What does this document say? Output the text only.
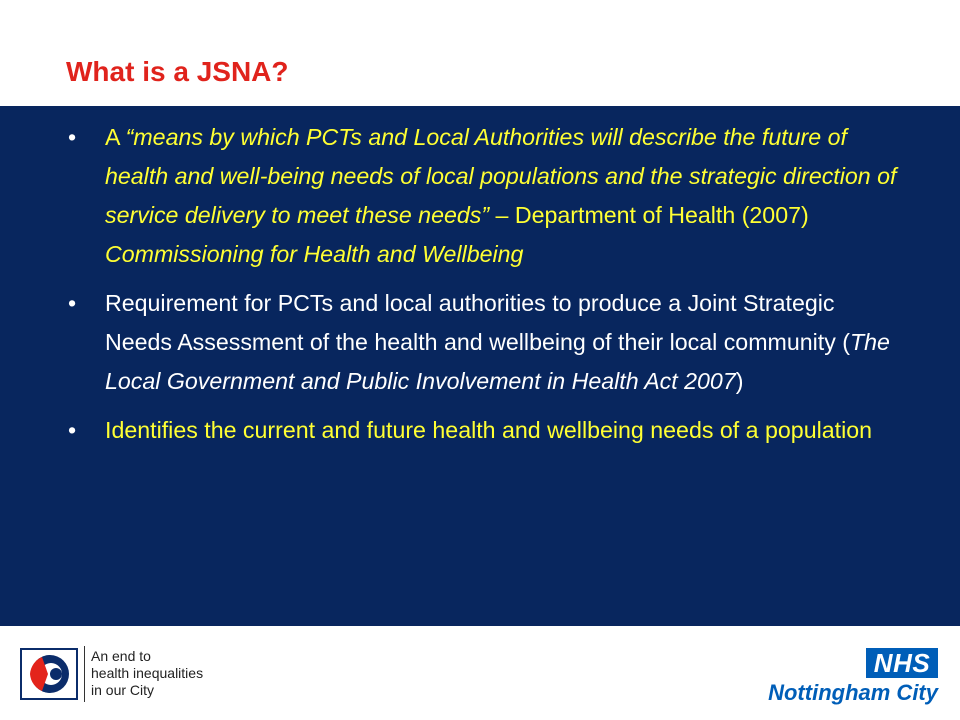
What is a JSNA?
• A “means by which PCTs and Local Authorities will describe the future of health and well-being needs of local populations and the strategic direction of service delivery to meet these needs” – Department of Health (2007) Commissioning for Health and Wellbeing
• Requirement for PCTs and local authorities to produce a Joint Strategic Needs Assessment of the health and wellbeing of their local community (The Local Government and Public Involvement in Health Act 2007)
• Identifies the current and future health and wellbeing needs of a population
An end to
health inequalities
in our City
NHS
Nottingham City
